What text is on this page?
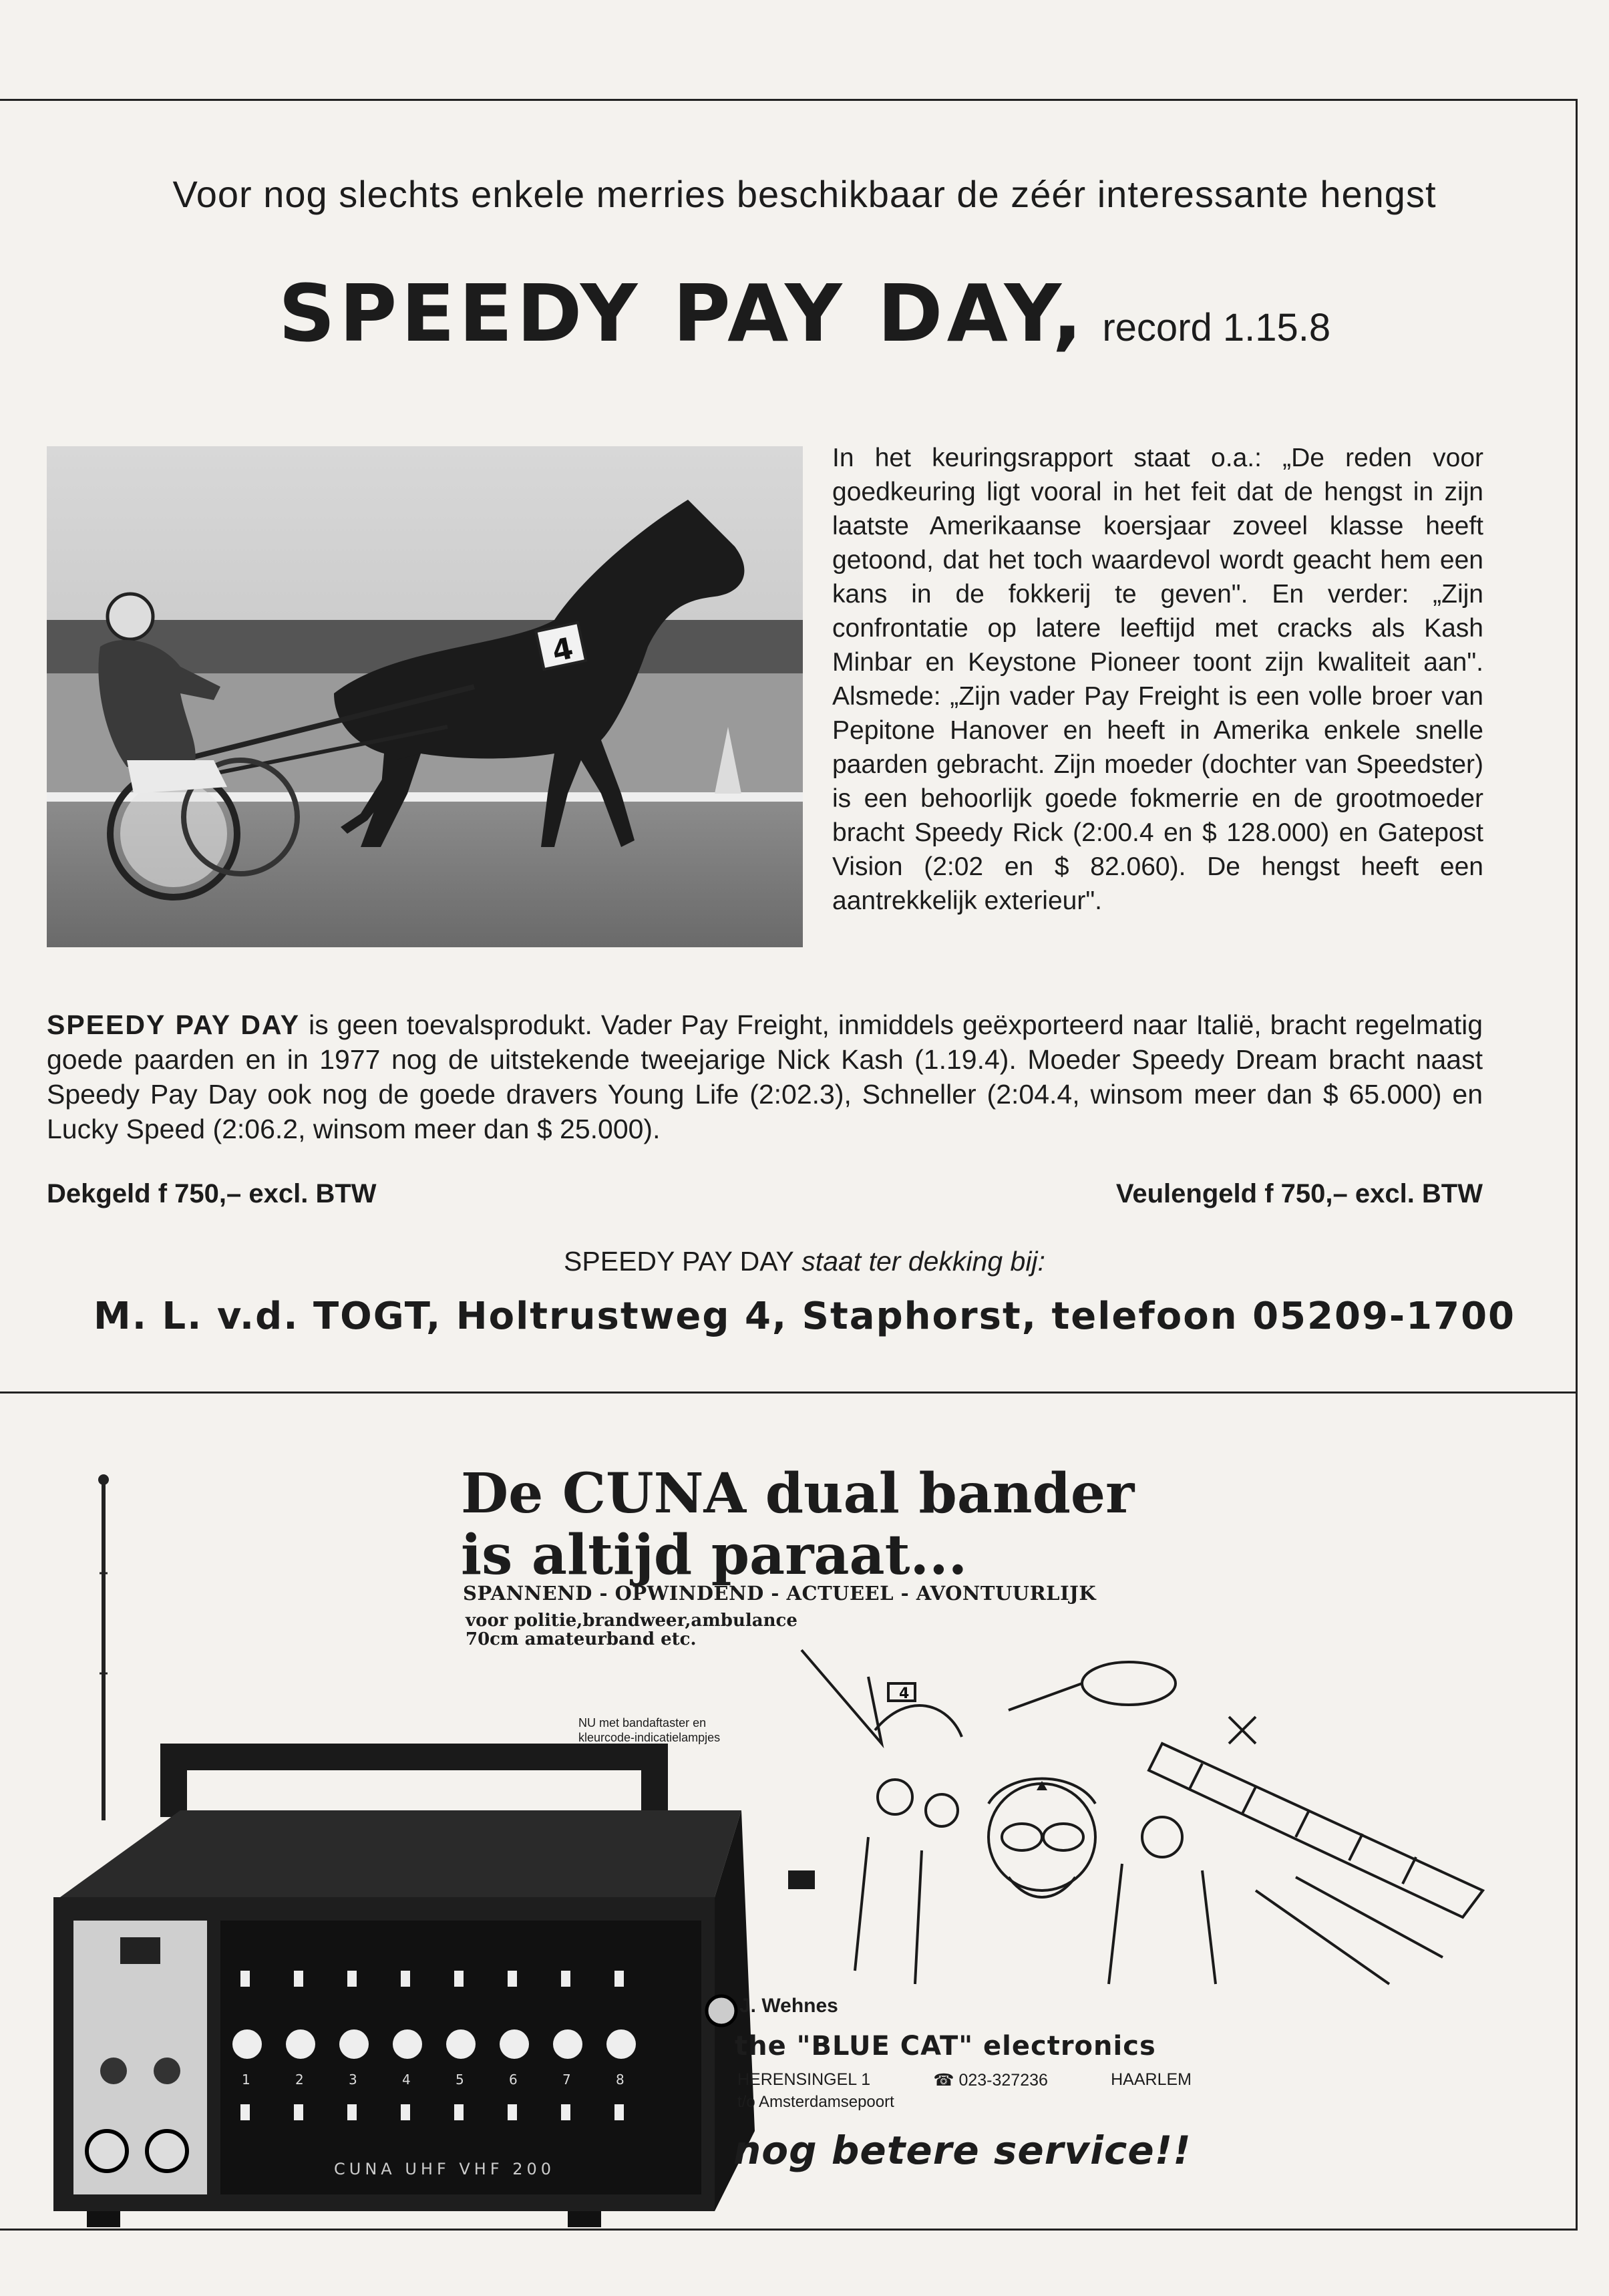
Voor nog slechts enkele merries beschikbaar de zéér interessante hengst
SPEEDY PAY DAY, record 1.15.8
4
In het keuringsrapport staat o.a.: „De reden voor goedkeuring ligt vooral in het feit dat de hengst in zijn laatste Amerikaanse koersjaar zoveel klasse heeft getoond, dat het toch waardevol wordt geacht hem een kans in de fokkerij te geven". En verder: „Zijn confrontatie op latere leeftijd met cracks als Kash Minbar en Keystone Pioneer toont zijn kwaliteit aan". Alsmede: „Zijn vader Pay Freight is een volle broer van Pepitone Hanover en heeft in Amerika enkele snelle paarden gebracht. Zijn moeder (dochter van Speedster) is een behoorlijk goede fokmerrie en de grootmoeder bracht Speedy Rick (2:00.4 en $ 128.000) en Gatepost Vision (2:02 en $ 82.060). De hengst heeft een aantrekkelijk exterieur".
SPEEDY PAY DAY is geen toevalsprodukt. Vader Pay Freight, inmiddels geëxporteerd naar Italië, bracht regelmatig goede paarden en in 1977 nog de uitstekende tweejarige Nick Kash (1.19.4). Moeder Speedy Dream bracht naast Speedy Pay Day ook nog de goede dravers Young Life (2:02.3), Schneller (2:04.4, winsom meer dan $ 65.000) en Lucky Speed (2:06.2, winsom meer dan $ 25.000).
Dekgeld f 750,– excl. BTW	Veulengeld f 750,– excl. BTW
SPEEDY PAY DAY staat ter dekking bij:
M. L. v.d. TOGT, Holtrustweg 4, Staphorst, telefoon 05209-1700
De CUNA dual bander
is altijd paraat...
SPANNEND - OPWINDEND - ACTUEEL - AVONTUURLIJK
voor politie,brandweer,ambulance
70cm amateurband etc.
NU met bandaftaster en
kleurcode-indicatielampjes
1	2	3	4	5	6	7	8
CUNA UHF VHF 200
4
J. Wehnes
the "BLUE CAT" electronics
HERENSINGEL 1	☎ 023-327236	HAARLEM
t/o Amsterdamsepoort
nog betere service!!
